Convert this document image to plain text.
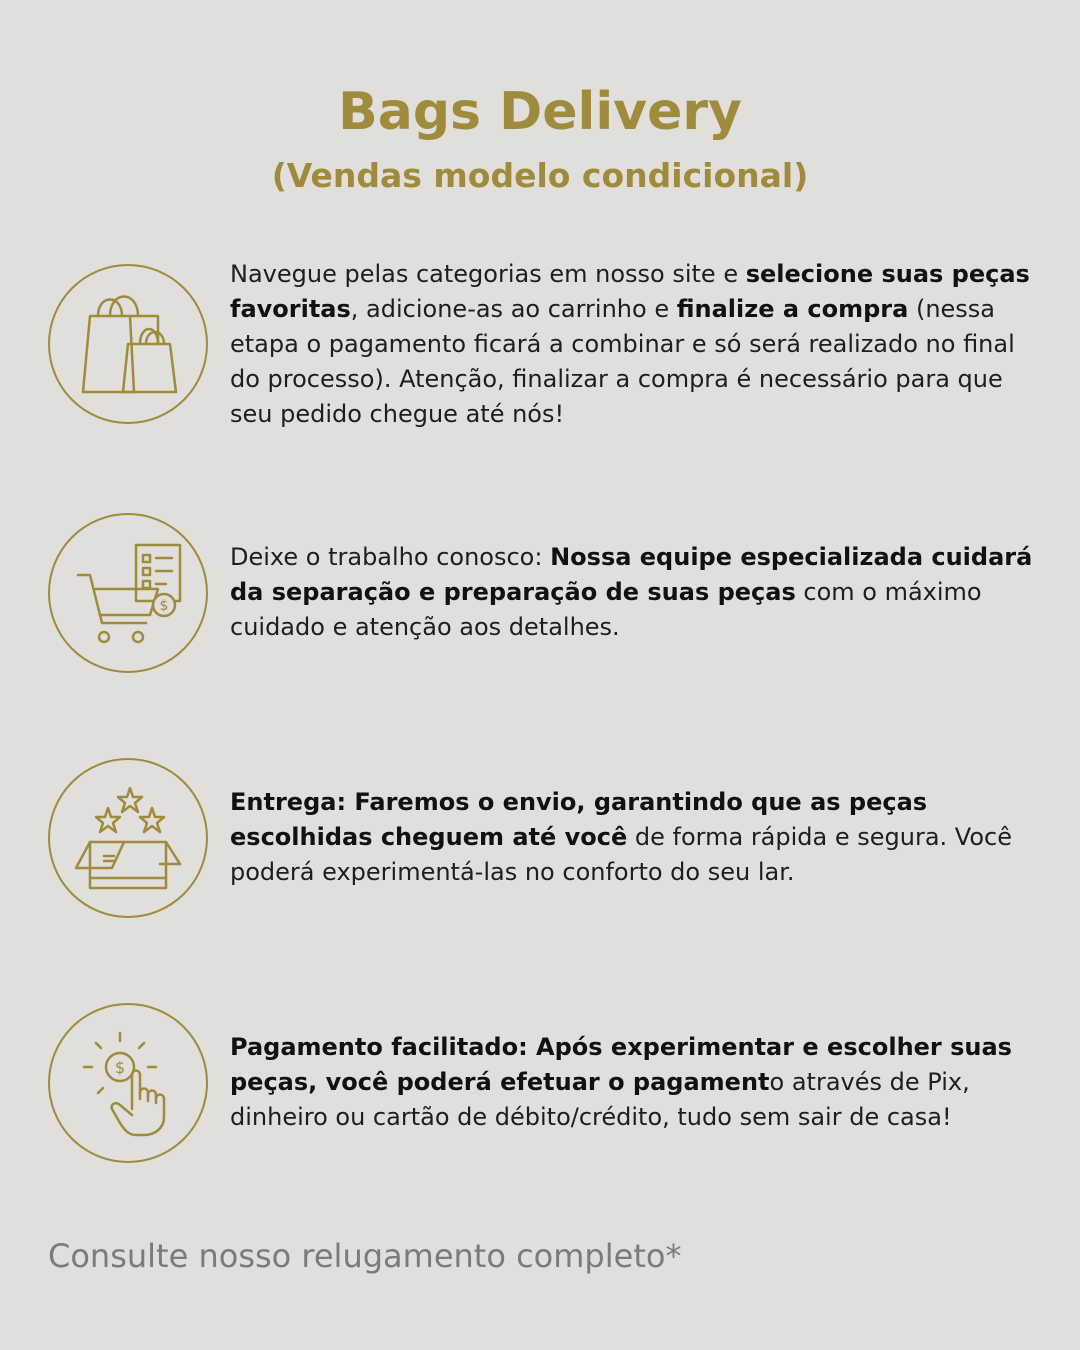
Bags Delivery
(Vendas modelo condicional)

Navegue pelas categorias em nosso site e selecione suas peças favoritas, adicione-as ao carrinho e finalize a compra (nessa etapa o pagamento ficará a combinar e só será realizado no final do processo). Atenção, finalizar a compra é necessário para que seu pedido chegue até nós!

$

Deixe o trabalho conosco: Nossa equipe especializada cuidará da separação e preparação de suas peças com o máximo cuidado e atenção aos detalhes.

Entrega: Faremos o envio, garantindo que as peças escolhidas cheguem até você de forma rápida e segura. Você poderá experimentá-las no conforto do seu lar.

$

Pagamento facilitado: Após experimentar e escolher suas peças, você poderá efetuar o pagamento através de Pix, dinheiro ou cartão de débito/crédito, tudo sem sair de casa!

Consulte nosso relugamento completo*
